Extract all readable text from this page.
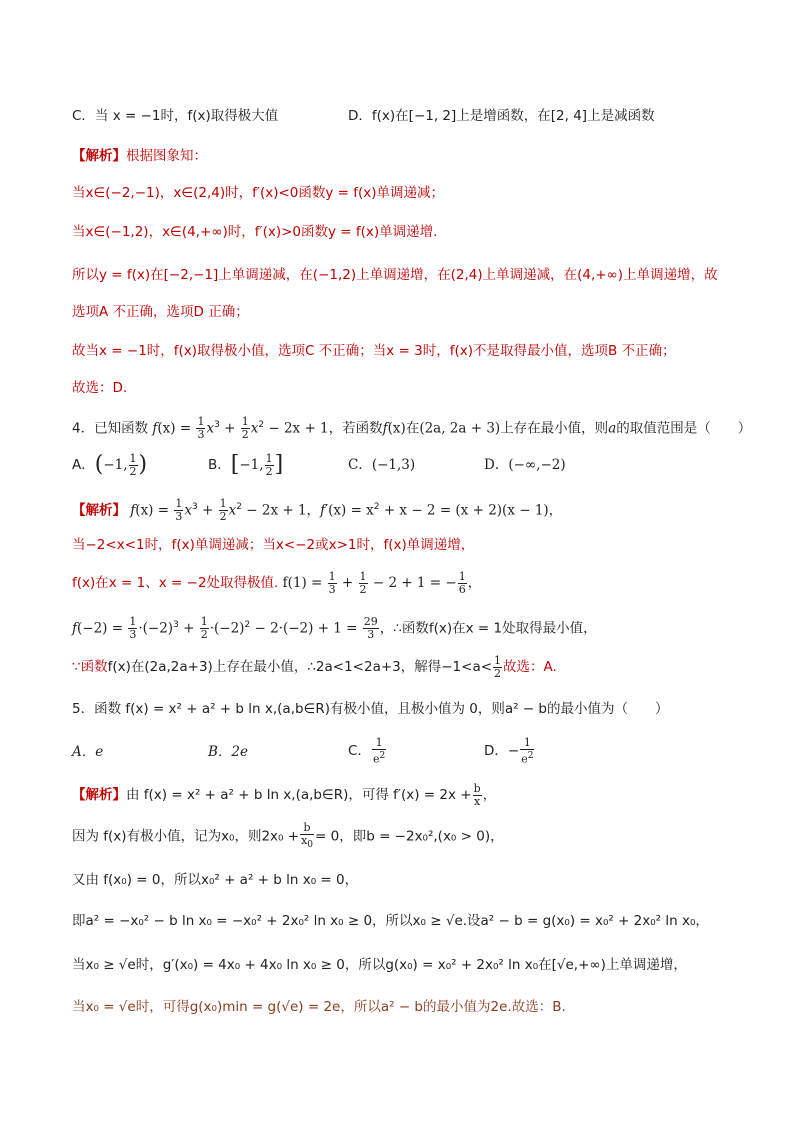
C．当 x = −1时，f(x)取得极大值	D．f(x)在[−1, 2]上是增函数，在[2, 4]上是减函数
【解析】根据图象知：
当x∈(−2,−1)，x∈(2,4)时，f′(x)<0函数y = f(x)单调递减；
当x∈(−1,2)，x∈(4,+∞)时，f′(x)>0函数y = f(x)单调递增.
所以y = f(x)在[−2,−1]上单调递减，在(−1,2)上单调递增，在(2,4)上单调递减，在(4,+∞)上单调递增，故
选项A 不正确，选项D 正确；
故当x = −1时，f(x)取得极小值，选项C 不正确；当x = 3时，f(x)不是取得最小值，选项B 不正确；
故选：D.
4．已知函数 $f(x) = \frac{1}{3} x^3 + \frac{1}{2} x^2 - 2x + 1$，若函数f(x)在(2a, 2a + 3)上存在最小值，则a的取值范围是（　　）
A．(−1, $\frac{1}{2}$ )	B．[−1, $\frac{1}{2}$ ]	C．(−1,3)	D．(−∞,−2)
【解析】 $f(x) = \frac{1}{3} x^3 + \frac{1}{2} x^2 - 2x + 1$，$f'(x) = x^2 + x - 2 = (x + 2)(x - 1)$，
当−2<x<1时，f(x)单调递减；当x<−2或x>1时，f(x)单调递增，
f(x)在x = 1、x = −2处取得极值. $f(1) = \frac{1}{3} + \frac{1}{2} - 2 + 1$ = − $\frac{1}{6}$ ，
$f(-2) = \frac{1}{3} \cdot(-2)^3 + \frac{1}{2} \cdot(-2)^2 - 2\cdot(-2) + 1 = \frac{29}{3}$ ，∴函数f(x)在x = 1处取得最小值，
∵函数f(x)在(2a,2a+3)上存在最小值，∴2a<1<2a+3，解得$-1<a< \frac{1}{2}$ 故选：A.
5．函数 f(x) = x² + a² + b ln x,(a,b∈R)有极小值，且极小值为 0，则a² − b的最小值为（　　）
A．e	B．2e	C． $\frac{1}{e^2}$	D．− $\frac{1}{e^2}$
【解析】由 f(x) = x² + a² + b ln x,(a,b∈R)，可得 $f'(x) = 2x + \frac{b}{x}$ ，
因为 f(x)有极小值，记为x₀，则$2x_0 + \frac{b}{x_0} = 0$，即b = −2x₀²,(x₀ > 0)，
又由 f(x₀) = 0，所以x₀² + a² + b ln x₀ = 0，
即a² = −x₀² − b ln x₀ = −x₀² + 2x₀² ln x₀ ≥ 0，所以x₀ ≥ √e.设a² − b = g(x₀) = x₀² + 2x₀² ln x₀，
当x₀ ≥ √e时，g′(x₀) = 4x₀ + 4x₀ ln x₀ ≥ 0，所以g(x₀) = x₀² + 2x₀² ln x₀在[√e,+∞)上单调递增，
当x₀ = √e时，可得g(x₀)min = g(√e) = 2e，所以a² − b的最小值为2e.故选：B.
